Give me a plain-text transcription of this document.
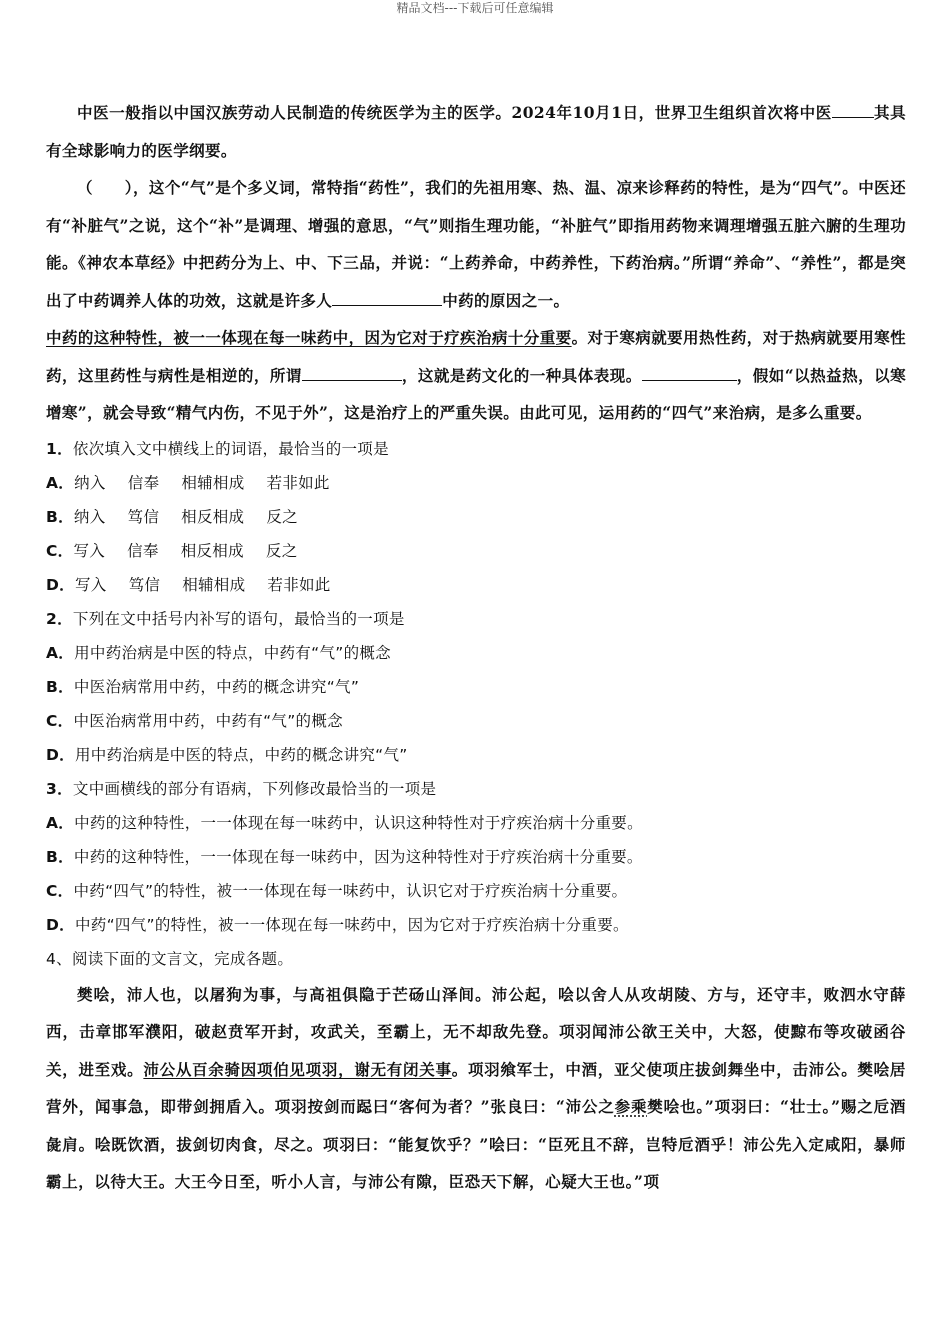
精品文档---下载后可任意编辑
中医一般指以中国汉族劳动人民制造的传统医学为主的医学。2024年10月1日，世界卫生组织首次将中医	其具有全球影响力的医学纲要。
（　　），这个“气”是个多义词，常特指“药性”，我们的先祖用寒、热、温、凉来诊释药的特性，是为“四气”。中医还有“补脏气”之说，这个“补”是调理、增强的意思，“气”则指生理功能，“补脏气”即指用药物来调理增强五脏六腑的生理功能。《神农本草经》中把药分为上、中、下三品，并说：“上药养命，中药养性，下药治病。”所谓“养命”、“养性”，都是突出了中药调养人体的功效，这就是许多人	中药的原因之一。
中药的这种特性，被一一体现在每一味药中，因为它对于疗疾治病十分重要。对于寒病就要用热性药，对于热病就要用寒性药，这里药性与病性是相逆的，所谓	，这就是药文化的一种具体表现。	，假如“以热益热，以寒增寒”，就会导致“精气内伤，不见于外”，这是治疗上的严重失误。由此可见，运用药的“四气”来治病，是多么重要。
1．依次填入文中横线上的词语，最恰当的一项是
A．纳入 信奉 相辅相成 若非如此
B．纳入 笃信 相反相成 反之
C．写入 信奉 相反相成 反之
D．写入 笃信 相辅相成 若非如此
2．下列在文中括号内补写的语句，最恰当的一项是
A．用中药治病是中医的特点，中药有“气”的概念
B．中医治病常用中药，中药的概念讲究“气”
C．中医治病常用中药，中药有“气”的概念
D．用中药治病是中医的特点，中药的概念讲究“气”
3．文中画横线的部分有语病，下列修改最恰当的一项是
A．中药的这种特性，一一体现在每一味药中，认识这种特性对于疗疾治病十分重要。
B．中药的这种特性，一一体现在每一味药中，因为这种特性对于疗疾治病十分重要。
C．中药“四气”的特性，被一一体现在每一味药中，认识它对于疗疾治病十分重要。
D．中药“四气”的特性，被一一体现在每一味药中，因为它对于疗疾治病十分重要。
4、阅读下面的文言文，完成各题。
樊哙，沛人也，以屠狗为事，与高祖俱隐于芒砀山泽间。沛公起，哙以舍人从攻胡陵、方与，还守丰，败泗水守薛西，击章邯军濮阳，破赵贲军开封，攻武关，至霸上，无不却敌先登。项羽闻沛公欲王关中，大怒，使黥布等攻破函谷关，进至戏。沛公从百余骑因项伯见项羽，谢无有闭关事。项羽飨军士，中酒，亚父使项庄拔剑舞坐中，击沛公。樊哙居营外，闻事急，即带剑拥盾入。项羽按剑而跽曰“客何为者？”张良曰：“沛公之参乘樊哙也。”项羽曰：“壮士。”赐之卮酒彘肩。哙既饮酒，拔剑切肉食，尽之。项羽曰：“能复饮乎？”哙曰：“臣死且不辞，岂特卮酒乎！沛公先入定咸阳，暴师霸上，以待大王。大王今日至，听小人言，与沛公有隙，臣恐天下解，心疑大王也。”项
